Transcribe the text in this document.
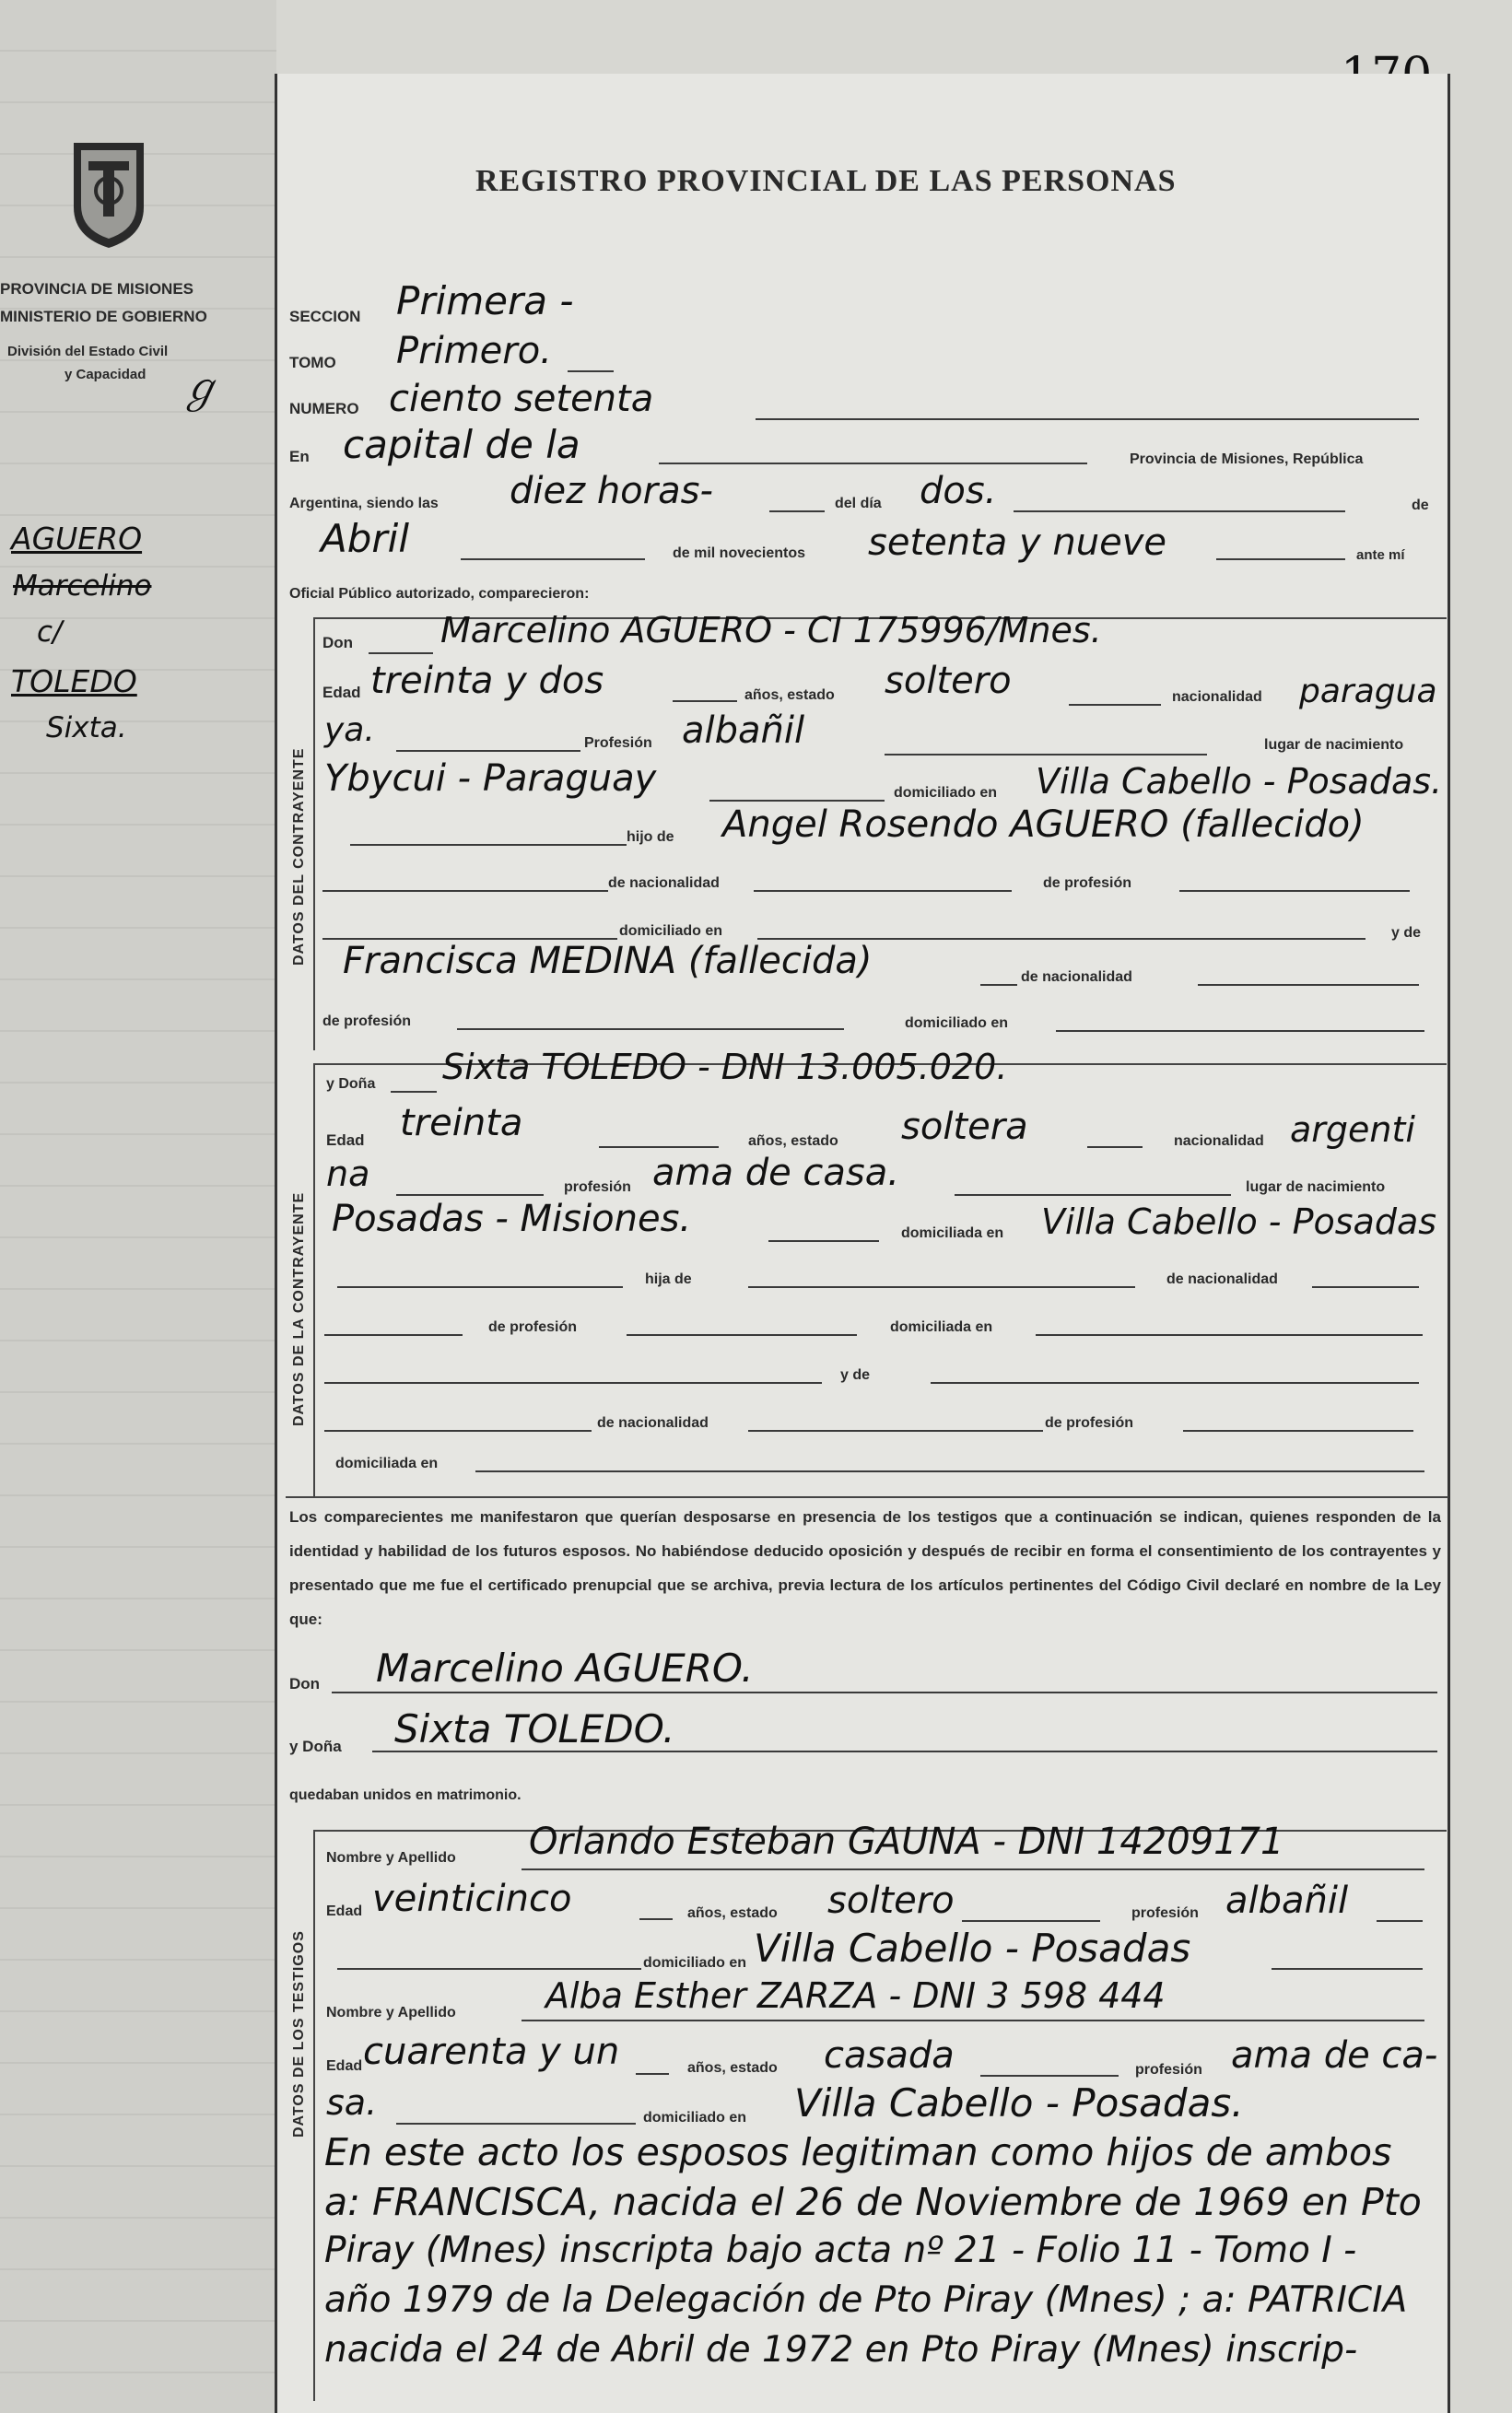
PROVINCIA DE MISIONES
MINISTERIO DE GOBIERNO
División del Estado Civil
y Capacidad ℊ
AGUERO
Marcelino
c/
TOLEDO
Sixta.
REGISTRO PROVINCIAL DE LAS PERSONAS
SECCION Primera -
TOMO Primero.
NUMERO ciento setenta
En capital de la	Provincia de Misiones, República
Argentina, siendo las diez horas-	del día dos.	de
Abril	de mil novecientos setenta y nueve	ante mí
Oficial Público autorizado, comparecieron:
DATOS DEL CONTRAYENTE
Don Marcelino AGUERO - CI 175996/Mnes.
Edad treinta y dos	años, estado soltero	nacionalidad paragua
ya.	Profesión albañil	lugar de nacimiento
Ybycui - Paraguay	domiciliado en Villa Cabello - Posadas.
hijo de Angel Rosendo AGUERO (fallecido)
de nacionalidad	de profesión
domiciliado en	y de
Francisca MEDINA (fallecida)	de nacionalidad
de profesión	domiciliado en
DATOS DE LA CONTRAYENTE
y Doña Sixta TOLEDO - DNI 13.005.020.
Edad treinta	años, estado soltera	nacionalidad argenti
na	profesión ama de casa.	lugar de nacimiento
Posadas - Misiones.	domiciliada en Villa Cabello - Posadas
hija de	de nacionalidad
de profesión	domiciliada en
y de
de nacionalidad	de profesión
domiciliada en
Los comparecientes me manifestaron que querían desposarse en presencia de los testigos que a continuación se indican, quienes responden de la identidad y habilidad de los futuros esposos. No habiéndose deducido oposición y después de recibir en forma el consentimiento de los contrayentes y presentado que me fue el certificado prenupcial que se archiva, previa lectura de los artículos pertinentes del Código Civil declaré en nombre de la Ley que:
Don Marcelino AGUERO.
y Doña Sixta TOLEDO.
quedaban unidos en matrimonio.
DATOS DE LOS TESTIGOS
Nombre y Apellido Orlando Esteban GAUNA - DNI 14209171
Edad veinticinco	años, estado soltero	profesión albañil
domiciliado en Villa Cabello - Posadas
Nombre y Apellido	Alba Esther ZARZA - DNI 3 598 444
Edad cuarenta y un	años, estado casada	profesión ama de ca-
sa.	domiciliado en Villa Cabello - Posadas.
En este acto los esposos legitiman como hijos de ambos
a: FRANCISCA, nacida el 26 de Noviembre de 1969 en Pto
Piray (Mnes) inscripta bajo acta nº 21 - Folio 11 - Tomo I -
año 1979 de la Delegación de Pto Piray (Mnes) ; a: PATRICIA
nacida el 24 de Abril de 1972 en Pto Piray (Mnes) inscrip-
